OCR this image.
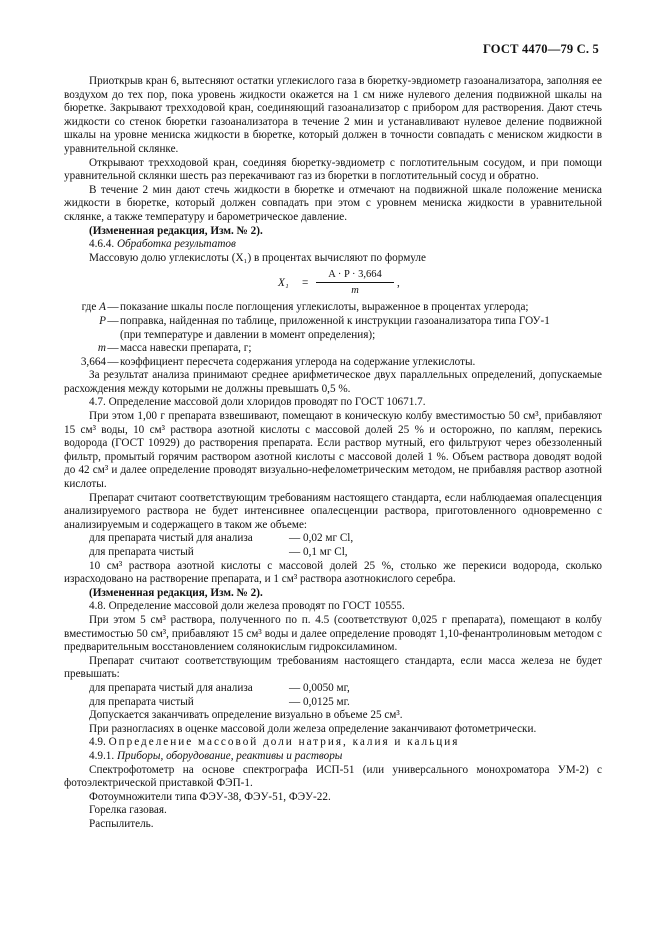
ГОСТ 4470—79 С. 5

Приоткрыв кран 6, вытесняют остатки углекислого газа в бюретку-эвдиометр газоанализатора, заполняя ее воздухом до тех пор, пока уровень жидкости окажется на 1 см ниже нулевого деления подвижной шкалы на бюретке. Закрывают трехходовой кран, соединяющий газоанализатор с прибором для растворения. Дают стечь жидкости со стенок бюретки газоанализатора в течение 2 мин и устанавливают нулевое деление подвижной шкалы на уровне мениска жидкости в бюретке, который должен в точности совпадать с мениском жидкости в уравнительной склянке.

Открывают трехходовой кран, соединяя бюретку-эвдиометр с поглотительным сосудом, и при помощи уравнительной склянки шесть раз перекачивают газ из бюретки в поглотительный сосуд и обратно.

В течение 2 мин дают стечь жидкости в бюретке и отмечают на подвижной шкале положение мениска жидкости в бюретке, который должен совпадать при этом с уровнем мениска жидкости в уравнительной склянке, а также температуру и барометрическое давление.

(Измененная редакция, Изм. № 2).

4.6.4. Обработка результатов

Массовую долю углекислоты (X₁) в процентах вычисляют по формуле

X₁ =
A · P · 3,664
m
,
где A — показание шкалы после поглощения углекислоты, выраженное в процентах углерода;
P — поправка, найденная по таблице, приложенной к инструкции газоанализатора типа ГОУ-1
(при температуре и давлении в момент определения);
m — масса навески препарата, г;
3,664 — коэффициент пересчета содержания углерода на содержание углекислоты.

За результат анализа принимают среднее арифметическое двух параллельных определений, допускаемые расхождения между которыми не должны превышать 0,5 %.

4.7. Определение массовой доли хлоридов проводят по ГОСТ 10671.7.

При этом 1,00 г препарата взвешивают, помещают в коническую колбу вместимостью 50 см³, прибавляют 15 см³ воды, 10 см³ раствора азотной кислоты с массовой долей 25 % и осторожно, по каплям, перекись водорода (ГОСТ 10929) до растворения препарата. Если раствор мутный, его фильтруют через обеззоленный фильтр, промытый горячим раствором азотной кислоты с массовой долей 1 %. Объем раствора доводят водой до 42 см³ и далее определение проводят визуально-нефелометрическим методом, не прибавляя раствор азотной кислоты.

Препарат считают соответствующим требованиям настоящего стандарта, если наблюдаемая опалесценция анализируемого раствора не будет интенсивнее опалесценции раствора, приготовленного одновременно с анализируемым и содержащего в таком же объеме:

для препарата чистый для анализа	— 0,02 мг Cl,
для препарата чистый	— 0,1 мг Cl,

10 см³ раствора азотной кислоты с массовой долей 25 %, столько же перекиси водорода, сколько израсходовано на растворение препарата, и 1 см³ раствора азотнокислого серебра.

(Измененная редакция, Изм. № 2).

4.8. Определение массовой доли железа проводят по ГОСТ 10555.

При этом 5 см³ раствора, полученного по п. 4.5 (соответствуют 0,025 г препарата), помещают в колбу вместимостью 50 см³, прибавляют 15 см³ воды и далее определение проводят 1,10-фенантролиновым методом с предварительным восстановлением солянокислым гидроксиламином.

Препарат считают соответствующим требованиям настоящего стандарта, если масса железа не будет превышать:

для препарата чистый для анализа	— 0,0050 мг,
для препарата чистый	— 0,0125 мг.

Допускается заканчивать определение визуально в объеме 25 см³.

При разногласиях в оценке массовой доли железа определение заканчивают фотометрически.

4.9. Определение массовой доли натрия, калия и кальция

4.9.1. Приборы, оборудование, реактивы и растворы

Спектрофотометр на основе спектрографа ИСП-51 (или универсального монохроматора УМ-2) с фотоэлектрической приставкой ФЭП-1.

Фотоумножители типа ФЭУ-38, ФЭУ-51, ФЭУ-22.

Горелка газовая.

Распылитель.
